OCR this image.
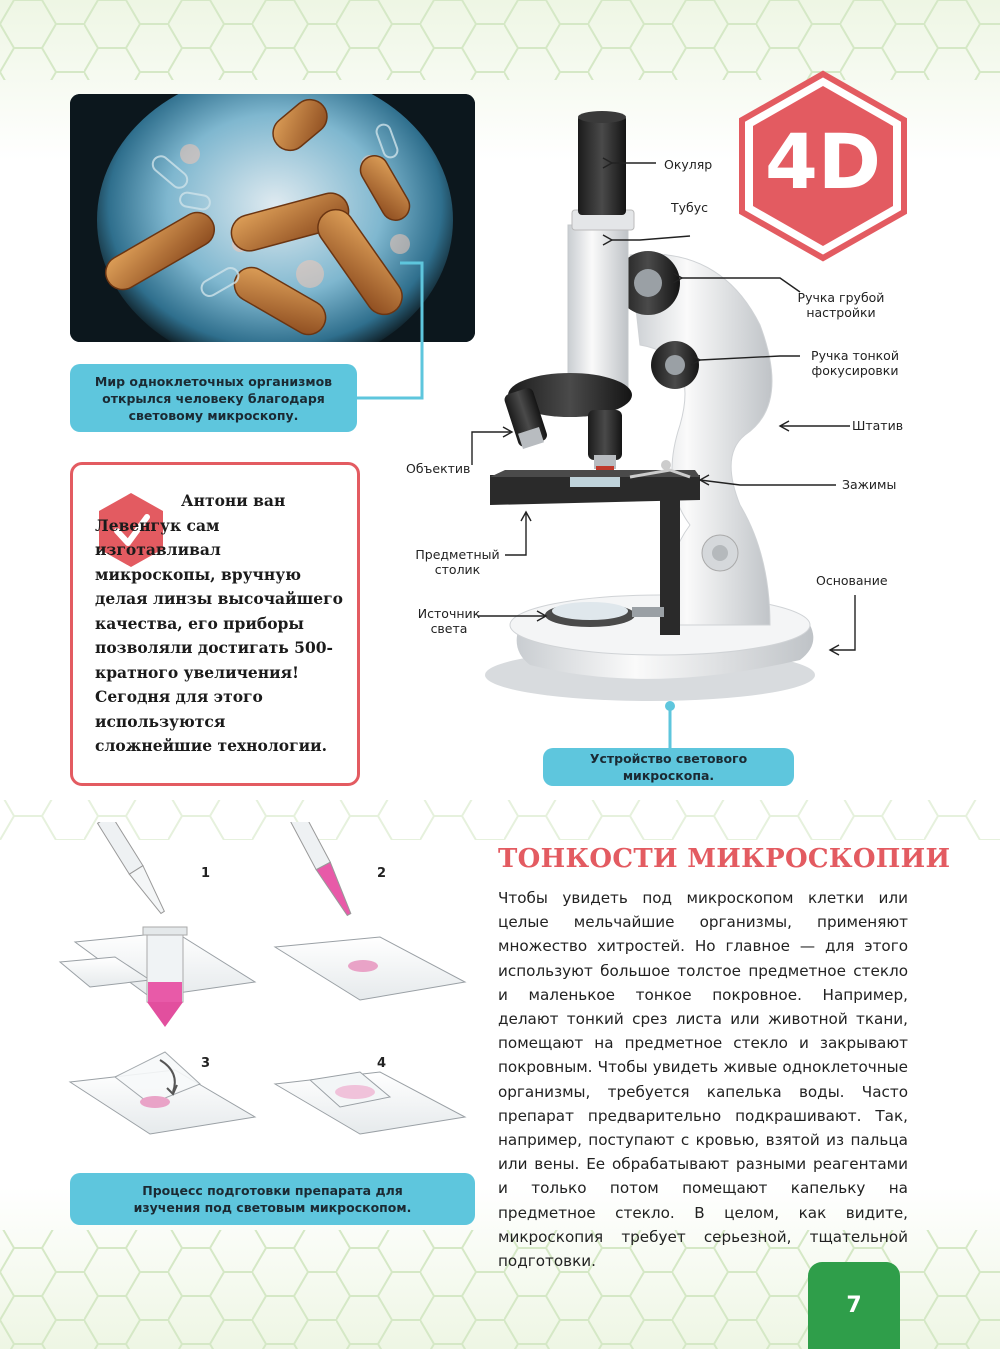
Мир одноклеточных организмов открылся человеку благодаря световому микроскопу.
Антони ван Левенгук сам изготавливал микроскопы, вручную делая линзы высочайшего качества, его приборы позволяли достигать 500-кратного увеличения! Сегодня для этого используются сложнейшие технологии.
4D
Окуляр
Тубус
Ручка грубой настройки
Ручка тонкой фокусировки
Штатив
Объектив
Зажимы
Предметный столик
Источник света
Основание
Устройство светового микроскопа.
1	2
3	4
Процесс подготовки препарата для изучения под световым микроскопом.
ТОНКОСТИ МИКРОСКОПИИ
Чтобы увидеть под микроскопом клетки или целые мельчайшие организмы, применяют множество хитростей. Но главное — для этого используют большое толстое предметное стекло и маленькое тонкое покровное. Например, делают тонкий срез листа или животной ткани, помещают на предметное стекло и закрывают покровным. Чтобы увидеть живые одноклеточные организмы, требуется капелька воды. Часто препарат предварительно подкрашивают. Так, например, поступают с кровью, взятой из пальца или вены. Ее обрабатывают разными реагентами и только потом помещают капельку на предметное стекло. В целом, как видите, микроскопия требует серьезной, тщательной подготовки.
7
